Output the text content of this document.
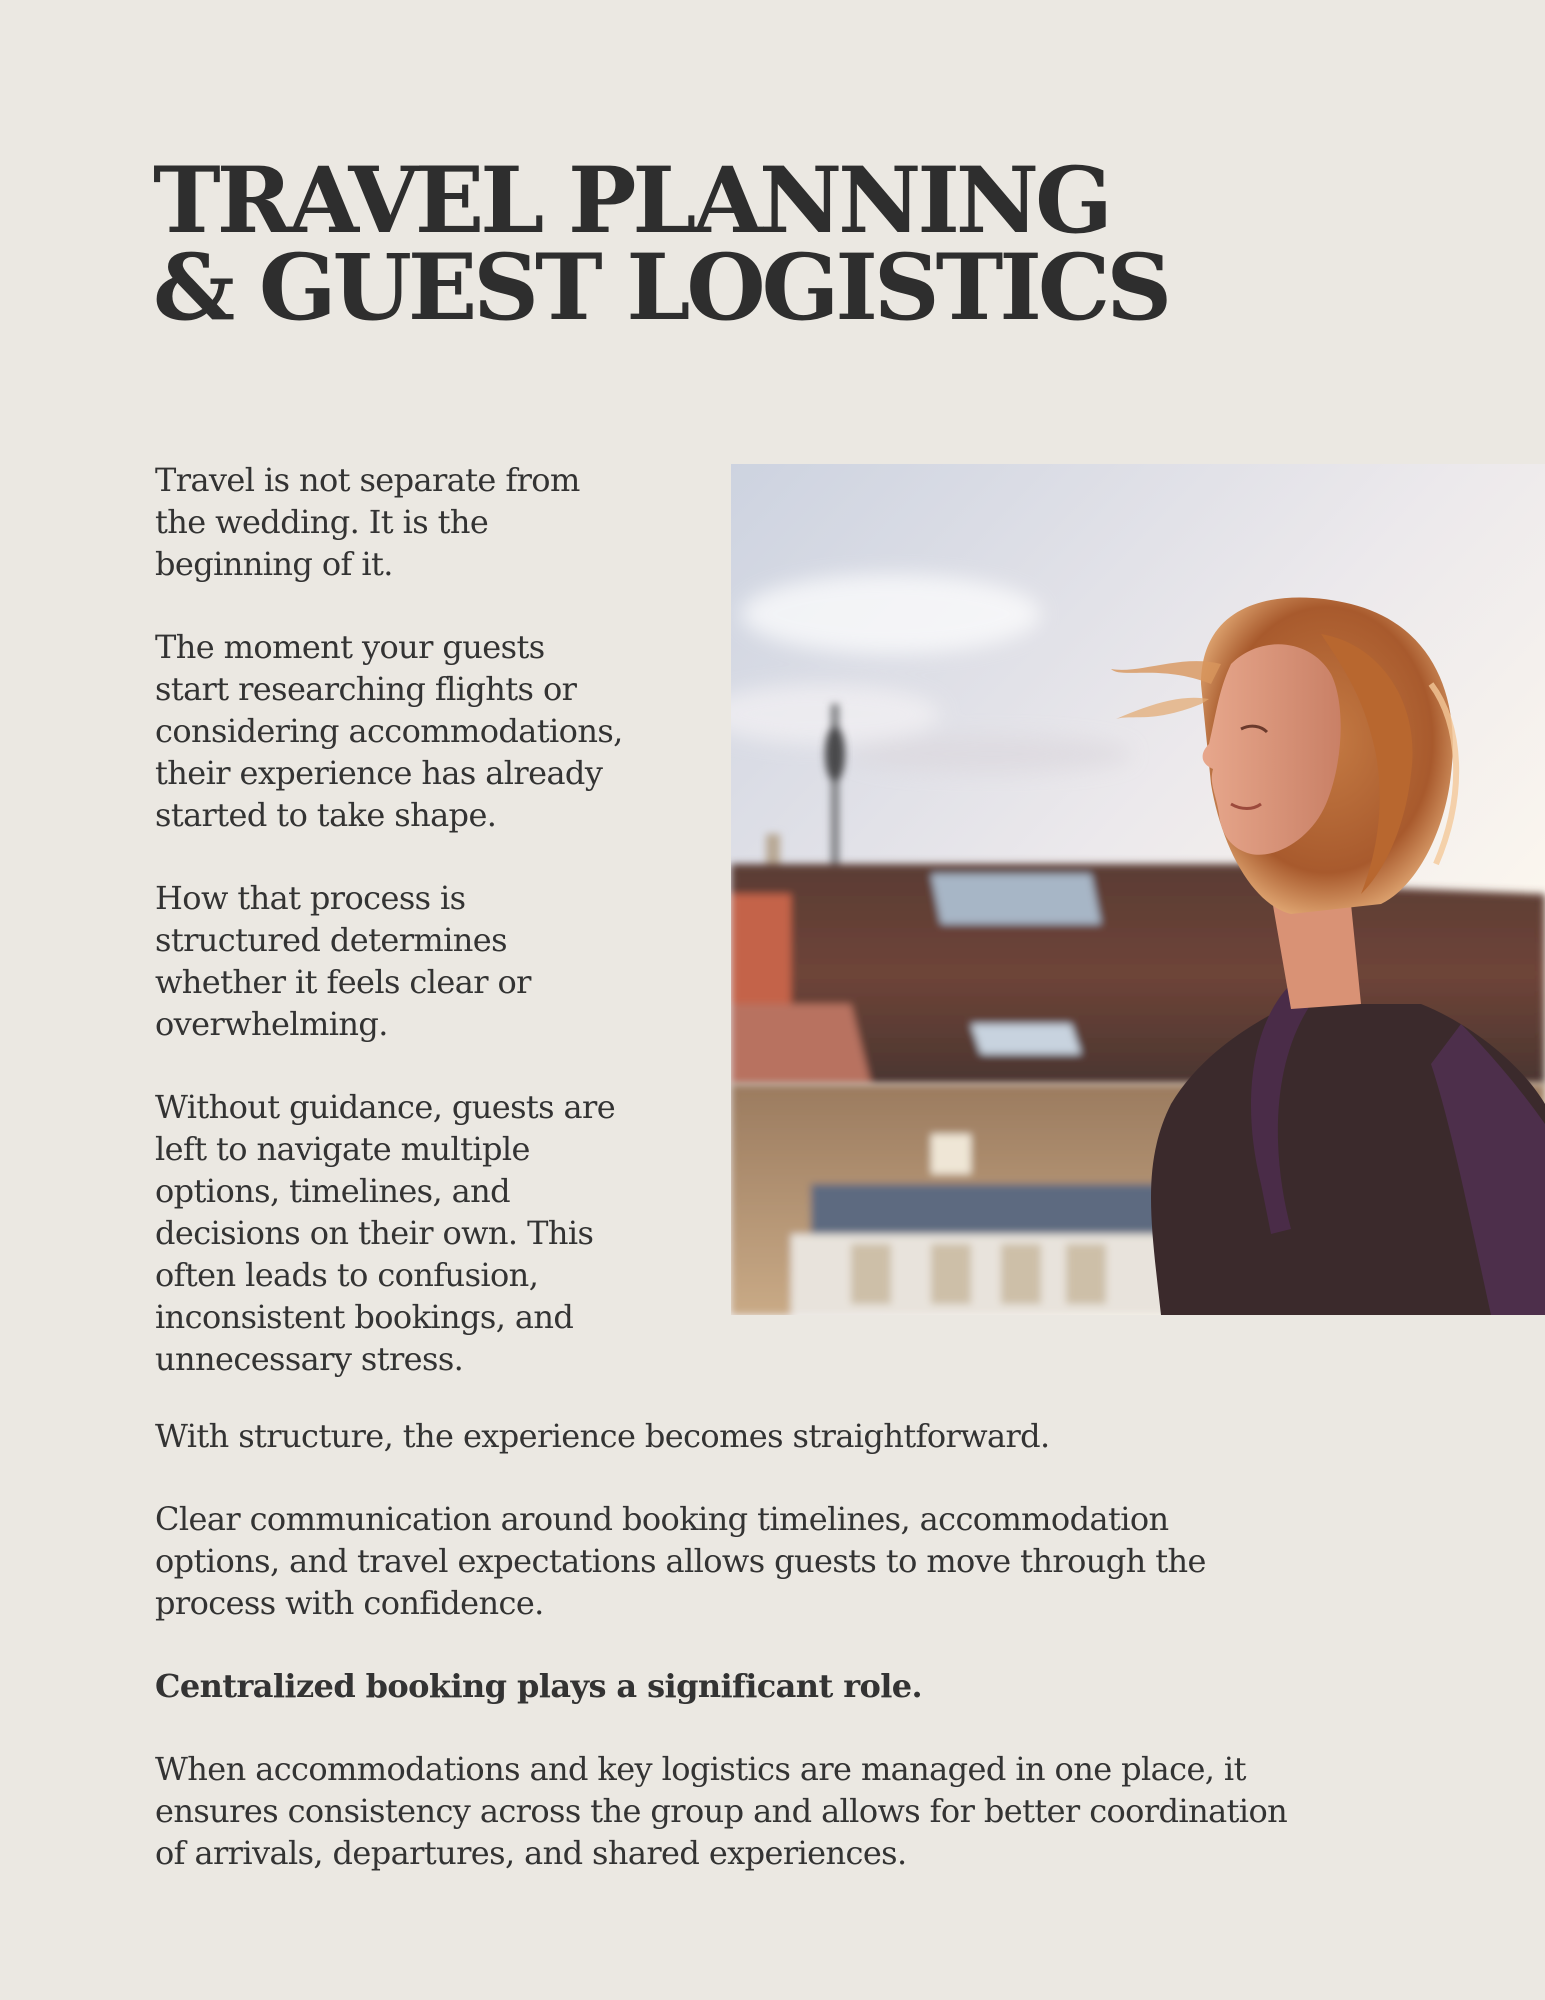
TRAVEL PLANNING
& GUEST LOGISTICS

Travel is not separate from
the wedding. It is the
beginning of it.

The moment your guests
start researching flights or
considering accommodations,
their experience has already
started to take shape.

How that process is
structured determines
whether it feels clear or
overwhelming.

Without guidance, guests are
left to navigate multiple
options, timelines, and
decisions on their own. This
often leads to confusion,
inconsistent bookings, and
unnecessary stress.

With structure, the experience becomes straightforward.

Clear communication around booking timelines, accommodation
options, and travel expectations allows guests to move through the
process with confidence.

Centralized booking plays a significant role.

When accommodations and key logistics are managed in one place, it
ensures consistency across the group and allows for better coordination
of arrivals, departures, and shared experiences.
